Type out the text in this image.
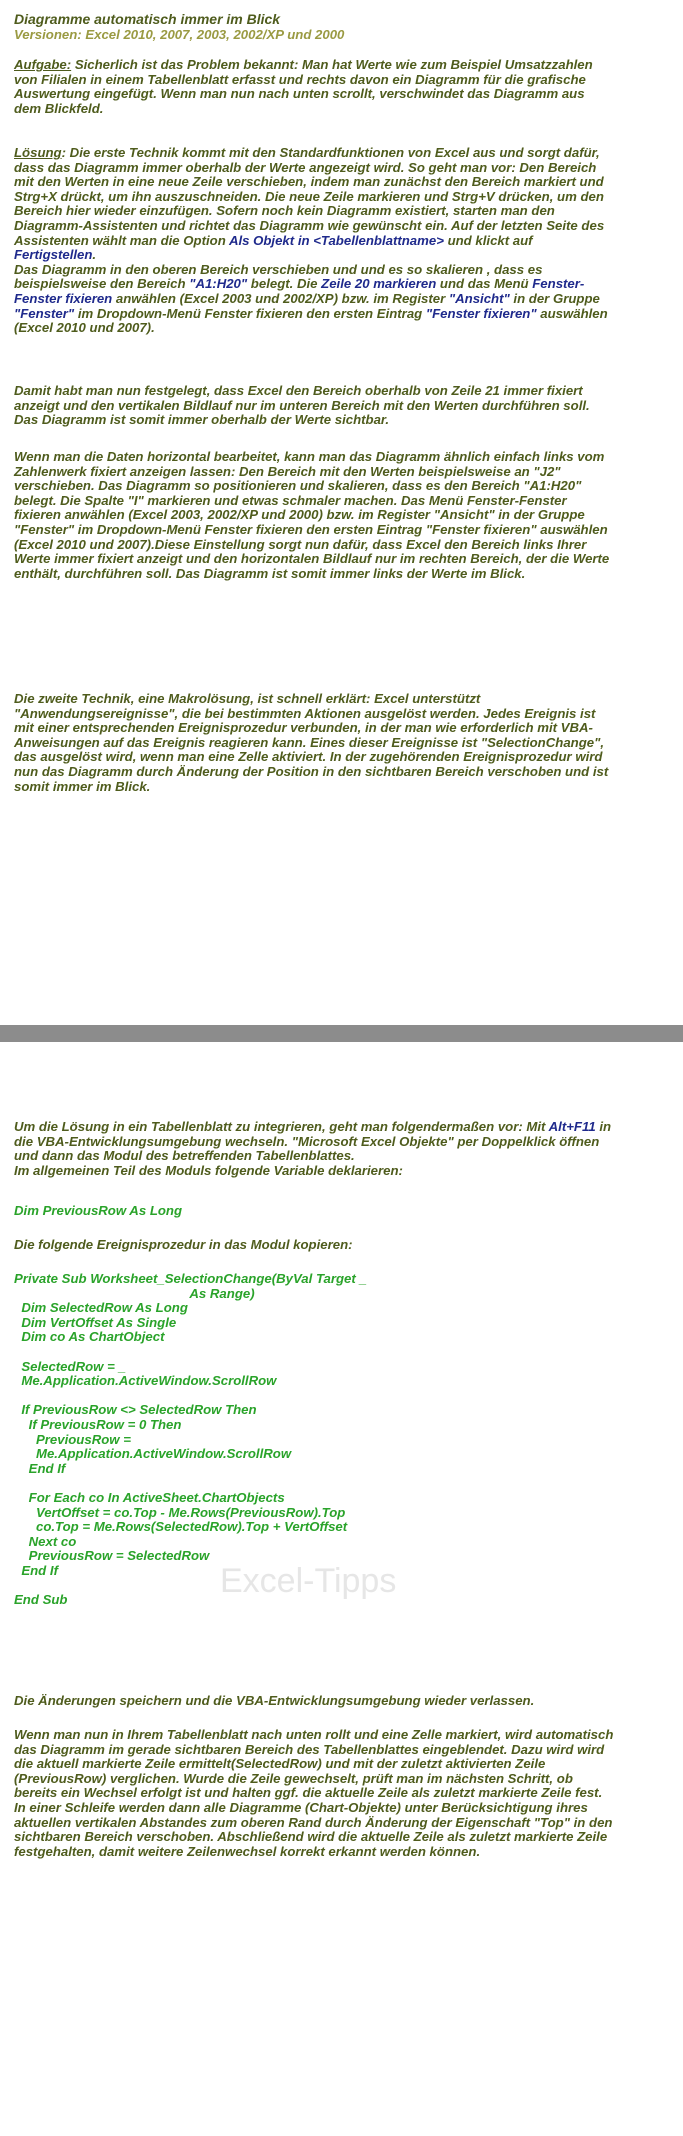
Diagramme automatisch immer im Blick

Versionen: Excel 2010, 2007, 2003, 2002/XP und 2000

Aufgabe: Sicherlich ist das Problem bekannt: Man hat Werte wie zum Beispiel Umsatzzahlen von Filialen in einem Tabellenblatt erfasst und rechts davon ein Diagramm für die grafische Auswertung eingefügt. Wenn man nun nach unten scrollt, verschwindet das Diagramm aus dem Blickfeld.

Lösung: Die erste Technik kommt mit den Standardfunktionen von Excel aus und sorgt dafür, dass das Diagramm immer oberhalb der Werte angezeigt wird. So geht man vor: Den Bereich mit den Werten in eine neue Zeile verschieben, indem man zunächst den Bereich markiert und Strg+X drückt, um ihn auszuschneiden. Die neue Zeile markieren und Strg+V drücken, um den Bereich hier wieder einzufügen. Sofern noch kein Diagramm existiert, starten man den Diagramm-Assistenten und richtet das Diagramm wie gewünscht ein. Auf der letzten Seite des Assistenten wählt man die Option Als Objekt in <Tabellenblattname> und klickt auf Fertigstellen.
Das Diagramm in den oberen Bereich verschieben und und es so skalieren , dass es beispielsweise den Bereich "A1:H20" belegt. Die Zeile 20 markieren und das Menü Fenster-Fenster fixieren anwählen (Excel 2003 und 2002/XP) bzw. im Register "Ansicht" in der Gruppe "Fenster" im Dropdown-Menü Fenster fixieren den ersten Eintrag "Fenster fixieren" auswählen (Excel 2010 und 2007).

Damit habt man nun festgelegt, dass Excel den Bereich oberhalb von Zeile 21 immer fixiert anzeigt und den vertikalen Bildlauf nur im unteren Bereich mit den Werten durchführen soll. Das Diagramm ist somit immer oberhalb der Werte sichtbar.

Wenn man die Daten horizontal bearbeitet, kann man das Diagramm ähnlich einfach links vom Zahlenwerk fixiert anzeigen lassen: Den Bereich mit den Werten beispielsweise an "J2" verschieben. Das Diagramm so positionieren und skalieren, dass es den Bereich "A1:H20" belegt. Die Spalte "I" markieren und etwas schmaler machen. Das Menü Fenster-Fenster fixieren anwählen (Excel 2003, 2002/XP und 2000) bzw. im Register "Ansicht" in der Gruppe "Fenster" im Dropdown-Menü Fenster fixieren den ersten Eintrag "Fenster fixieren" auswählen (Excel 2010 und 2007).Diese Einstellung sorgt nun dafür, dass Excel den Bereich links Ihrer Werte immer fixiert anzeigt und den horizontalen Bildlauf nur im rechten Bereich, der die Werte enthält, durchführen soll. Das Diagramm ist somit immer links der Werte im Blick.

Die zweite Technik, eine Makrolösung, ist schnell erklärt: Excel unterstützt "Anwendungsereignisse", die bei bestimmten Aktionen ausgelöst werden. Jedes Ereignis ist mit einer entsprechenden Ereignisprozedur verbunden, in der man wie erforderlich mit VBA-Anweisungen auf das Ereignis reagieren kann. Eines dieser Ereignisse ist "SelectionChange", das ausgelöst wird, wenn man eine Zelle aktiviert. In der zugehörenden Ereignisprozedur wird nun das Diagramm durch Änderung der Position in den sichtbaren Bereich verschoben und ist somit immer im Blick.

Um die Lösung in ein Tabellenblatt zu integrieren, geht man folgendermaßen vor: Mit Alt+F11 in die VBA-Entwicklungsumgebung wechseln. "Microsoft Excel Objekte" per Doppelklick öffnen und dann das Modul des betreffenden Tabellenblattes.
Im allgemeinen Teil des Moduls folgende Variable deklarieren:

Dim PreviousRow As Long

Die folgende Ereignisprozedur in das Modul kopieren:

Private Sub Worksheet_SelectionChange(ByVal Target _
As Range)
Dim SelectedRow As Long
Dim VertOffset As Single
Dim co As ChartObject

SelectedRow = _
Me.Application.ActiveWindow.ScrollRow

If PreviousRow <> SelectedRow Then
If PreviousRow = 0 Then
PreviousRow =
Me.Application.ActiveWindow.ScrollRow
End If

For Each co In ActiveSheet.ChartObjects
VertOffset = co.Top - Me.Rows(PreviousRow).Top
co.Top = Me.Rows(SelectedRow).Top + VertOffset
Next co
PreviousRow = SelectedRow
End If

End Sub

Die Änderungen speichern und die VBA-Entwicklungsumgebung wieder verlassen.

Wenn man nun in Ihrem Tabellenblatt nach unten rollt und eine Zelle markiert, wird automatisch das Diagramm im gerade sichtbaren Bereich des Tabellenblattes eingeblendet. Dazu wird wird die aktuell markierte Zeile ermittelt(SelectedRow) und mit der zuletzt aktivierten Zeile (PreviousRow) verglichen. Wurde die Zeile gewechselt, prüft man im nächsten Schritt, ob bereits ein Wechsel erfolgt ist und halten ggf. die aktuelle Zeile als zuletzt markierte Zeile fest. In einer Schleife werden dann alle Diagramme (Chart-Objekte) unter Berücksichtigung ihres aktuellen vertikalen Abstandes zum oberen Rand durch Änderung der Eigenschaft "Top" in den sichtbaren Bereich verschoben. Abschließend wird die aktuelle Zeile als zuletzt markierte Zeile festgehalten, damit weitere Zeilenwechsel korrekt erkannt werden können.

Excel-Tipps
